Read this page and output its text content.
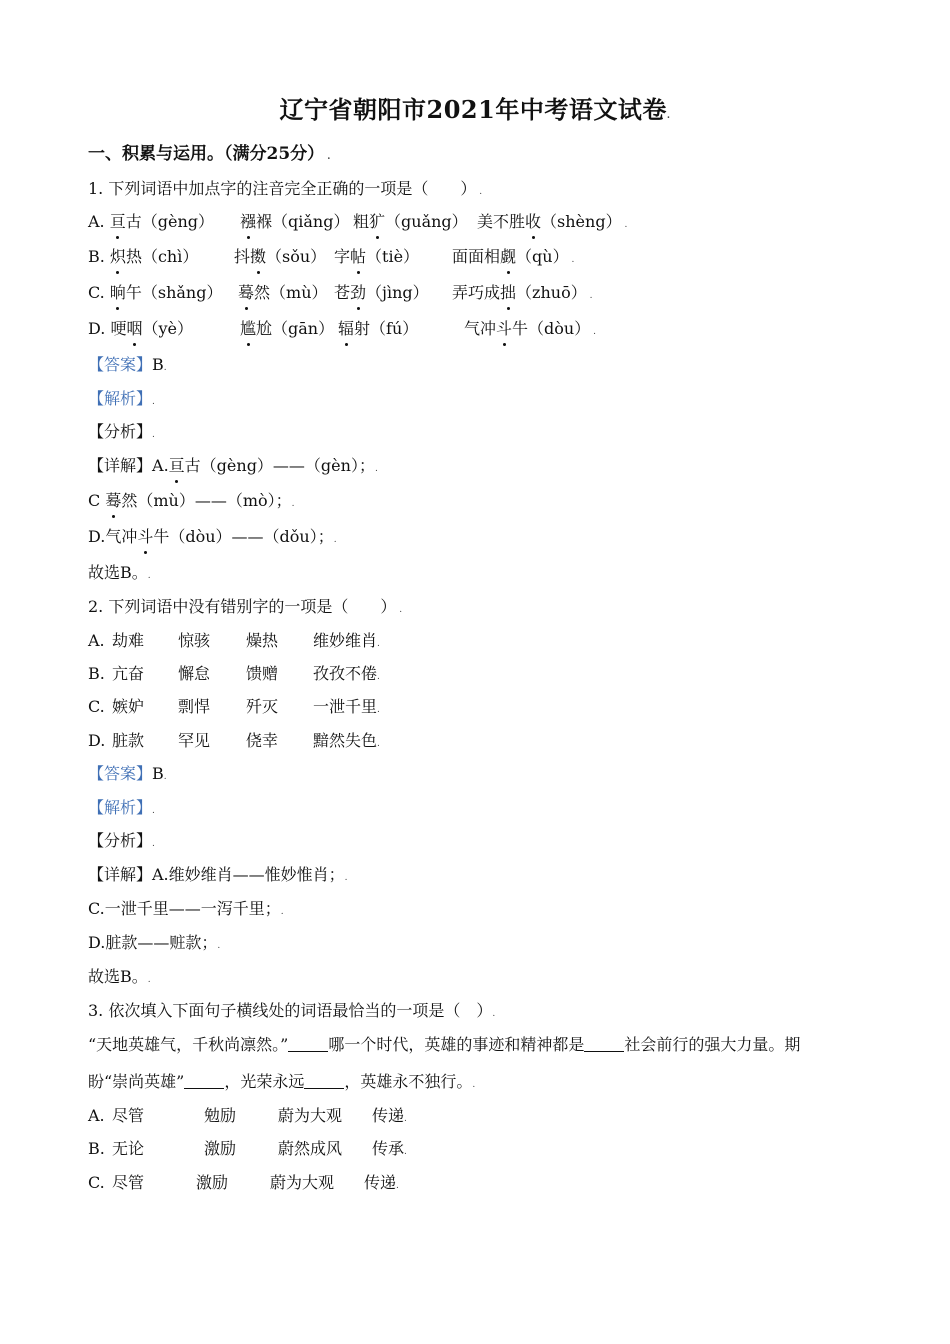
辽宁省朝阳市2021年中考语文试卷.
一、积累与运用。（满分25分） .
1. 下列词语中加点字的注音完全正确的一项是（　　） .
A. 亘古（gèng） 襁褓（qiǎng） 粗犷（guǎng） 美不胜收（shèng） .
B. 炽热（chì） 抖擞（sǒu） 字帖（tiè） 面面相觑（qù） .
C. 晌午（shǎng） 蓦然（mù） 苍劲（jìng） 弄巧成拙（zhuō） .
D. 哽咽（yè）	尴尬（gān） 辐射（fú）	气冲斗牛（dòu） .
【答案】B.
【解析】.
【分析】.
【详解】A.亘古（gèng）——（gèn）；.
C 蓦然（mù）——（mò）；.
D.气冲斗牛（dòu）——（dǒu）；.
故选B。.
2. 下列词语中没有错别字的一项是（　　） .
A. 劫难 惊骇 燥热 维妙维肖.
B. 亢奋 懈怠 馈赠 孜孜不倦.
C. 嫉妒 剽悍 歼灭 一泄千里.
D. 脏款 罕见 侥幸 黯然失色.
【答案】B.
【解析】.
【分析】.
【详解】A.维妙维肖——惟妙惟肖；.
C.一泄千里——一泻千里；.
D.脏款——赃款；.
故选B。.
3. 依次填入下面句子横线处的词语最恰当的一项是（　）.
“天地英雄气，千秋尚凛然。”	哪一个时代，英雄的事迹和精神都是	社会前行的强大力量。期
盼“崇尚英雄”	，光荣永远	，英雄永不独行。.
A. 尽管	勉励	蔚为大观 传递.
B. 无论	激励	蔚然成风 传承.
C. 尽管	激励	蔚为大观 传递.
